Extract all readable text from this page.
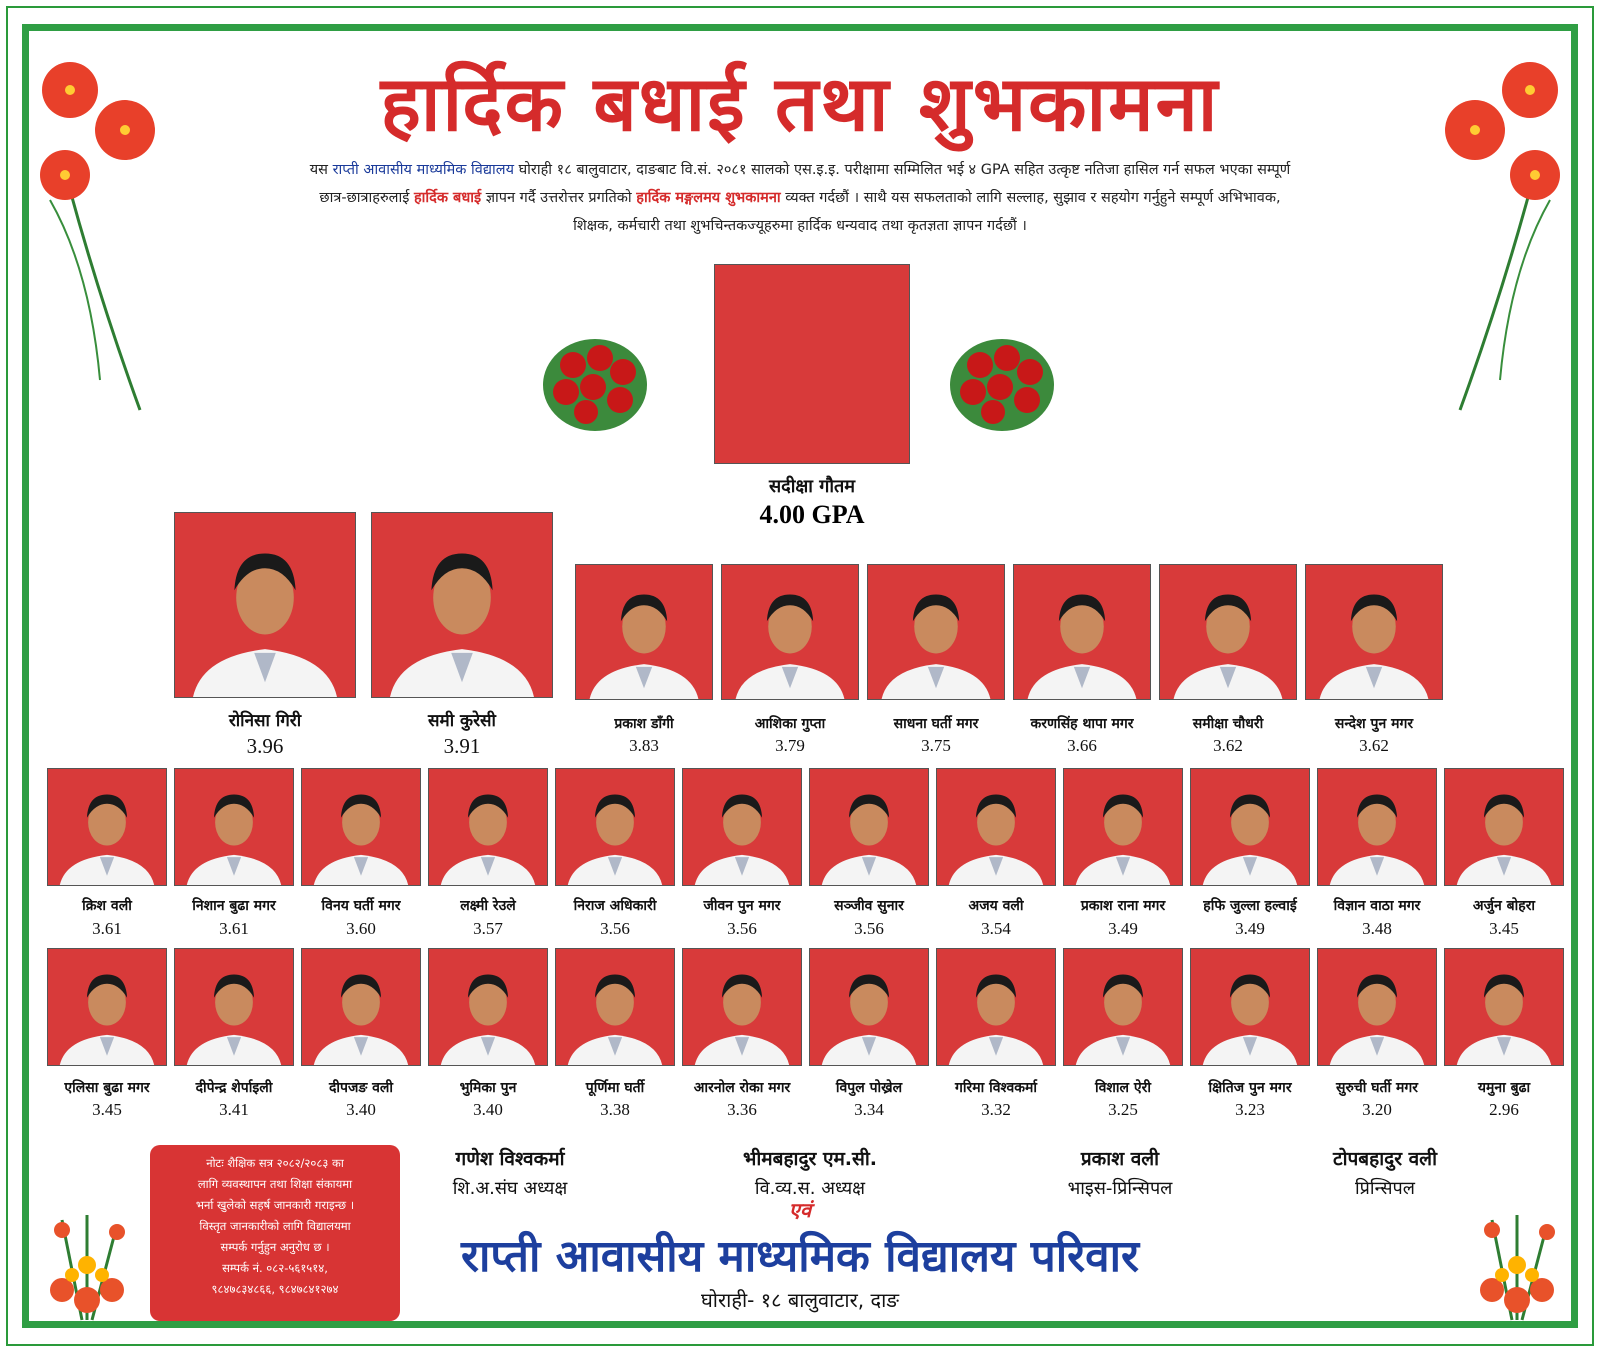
हार्दिक बधाई तथा शुभकामना
यस राप्ती आवासीय माध्यमिक विद्यालय घोराही १८ बालुवाटार, दाङबाट वि.सं. २०८१ सालको एस.इ.इ. परीक्षामा सम्मिलित भई ४ GPA सहित उत्कृष्ट नतिजा हासिल गर्न सफल भएका सम्पूर्ण
छात्र-छात्राहरुलाई हार्दिक बधाई ज्ञापन गर्दै उत्तरोत्तर प्रगतिको हार्दिक मङ्गलमय शुभकामना व्यक्त गर्दछौं । साथै यस सफलताको लागि सल्लाह, सुझाव र सहयोग गर्नुहुने सम्पूर्ण अभिभावक,
शिक्षक, कर्मचारी तथा शुभचिन्तकज्यूहरुमा हार्दिक धन्यवाद तथा कृतज्ञता ज्ञापन गर्दछौं ।
सदीक्षा गौतम
4.00 GPA
रोनिसा गिरी
3.96
समी कुरेसी
3.91
प्रकाश डाँगी
3.83
आशिका गुप्ता
3.79
साधना घर्ती मगर
3.75
करणसिंह थापा मगर
3.66
समीक्षा चौधरी
3.62
सन्देश पुन मगर
3.62
क्रिश वली
3.61
निशान बुढा मगर
3.61
विनय घर्ती मगर
3.60
लक्ष्मी रेउले
3.57
निराज अधिकारी
3.56
जीवन पुन मगर
3.56
सञ्जीव सुनार
3.56
अजय वली
3.54
प्रकाश राना मगर
3.49
हफि जुल्ला हल्वाई
3.49
विज्ञान वाठा मगर
3.48
अर्जुन बोहरा
3.45
एलिसा बुढा मगर
3.45
दीपेन्द्र शेर्पाइली
3.41
दीपजङ वली
3.40
भुमिका पुन
3.40
पूर्णिमा घर्ती
3.38
आरनोल रोका मगर
3.36
विपुल पोख्रेल
3.34
गरिमा विश्वकर्मा
3.32
विशाल ऐरी
3.25
क्षितिज पुन मगर
3.23
सुरुची घर्ती मगर
3.20
यमुना बुढा
2.96
नोटः शैक्षिक सत्र २०८२/२०८३ का
लागि व्यवस्थापन तथा शिक्षा संकायमा
भर्ना खुलेको सहर्ष जानकारी गराइन्छ ।
विस्तृत जानकारीको लागि विद्यालयमा
सम्पर्क गर्नुहुन अनुरोध छ ।
सम्पर्क नं. ०८२-५६१५१४,
९८४७८३४८६६, ९८४७८४१२७४
गणेश विश्वकर्मा
शि.अ.संघ अध्यक्ष
भीमबहादुर एम.सी.
वि.व्य.स. अध्यक्ष
प्रकाश वली
भाइस-प्रिन्सिपल
टोपबहादुर वली
प्रिन्सिपल
एवं
राप्ती आवासीय माध्यमिक विद्यालय परिवार
घोराही- १८ बालुवाटार, दाङ
